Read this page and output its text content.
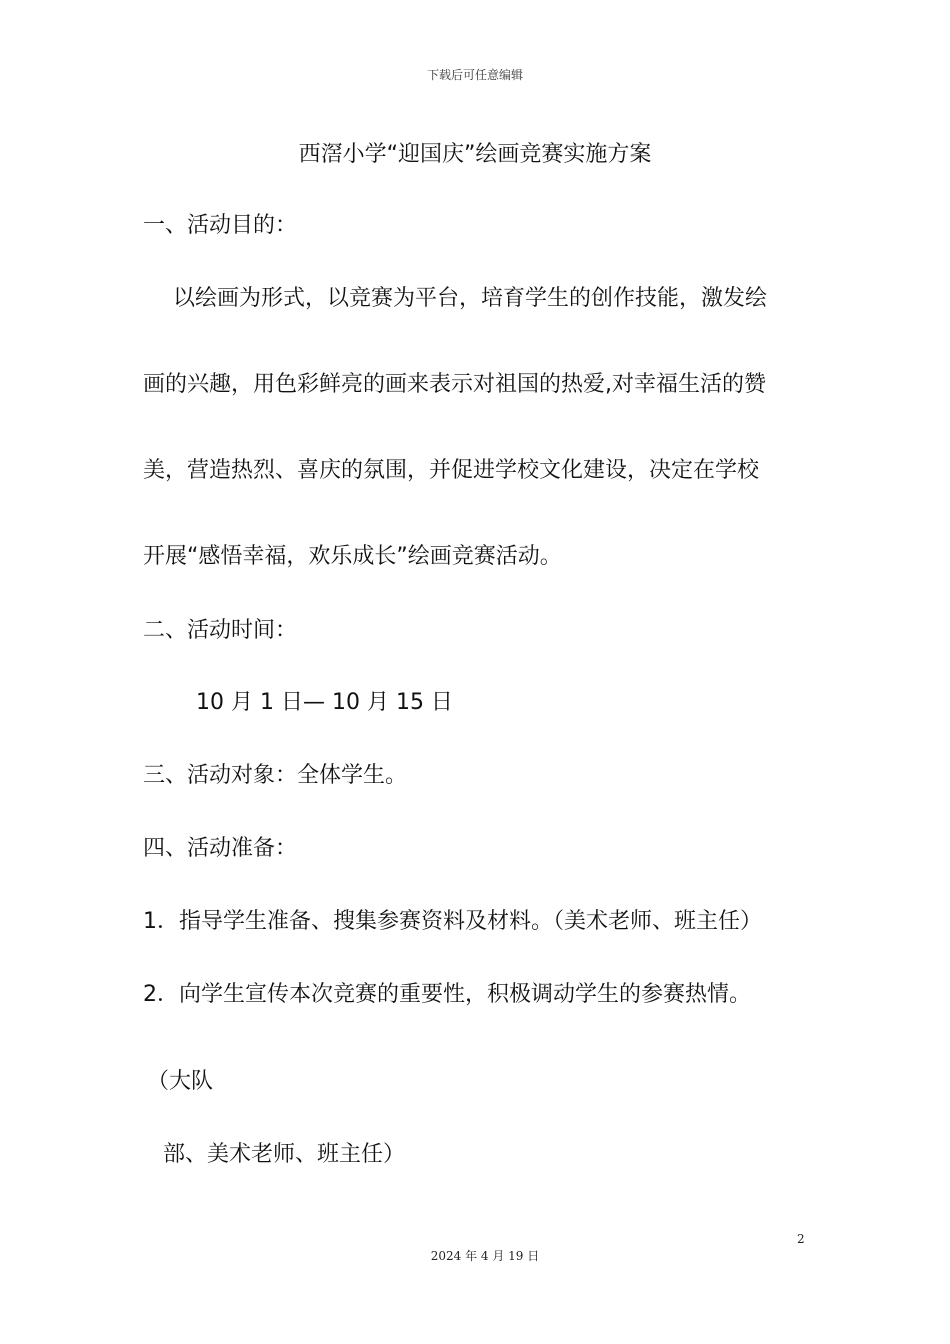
下载后可任意编辑
西滘小学“迎国庆”绘画竞赛实施方案
一、活动目的：
以绘画为形式，以竞赛为平台，培育学生的创作技能，激发绘
画的兴趣，用色彩鲜亮的画来表示对祖国的热爱,对幸福生活的赞
美，营造热烈、喜庆的氛围，并促进学校文化建设，决定在学校
开展“感悟幸福，欢乐成长”绘画竞赛活动。
二、活动时间：
10 月 1 日— 10 月 15 日
三、活动对象：全体学生。
四、活动准备：
1．指导学生准备、搜集参赛资料及材料。（美术老师、班主任）
2．向学生宣传本次竞赛的重要性，积极调动学生的参赛热情。
（大队
部、美术老师、班主任）
2
2024 年 4 月 19 日
